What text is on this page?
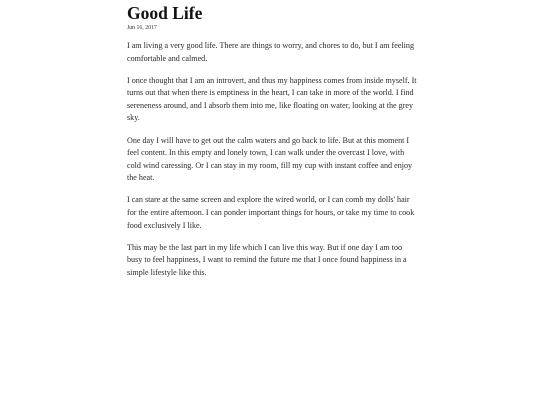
Good Life
Jun 16, 2017

I am living a very good life. There are things to worry, and chores to do, but I am feeling comfortable and calmed.

I once thought that I am an introvert, and thus my happiness comes from inside myself. It turns out that when there is emptiness in the heart, I can take in more of the world. I find sereneness around, and I absorb them into me, like floating on water, looking at the grey sky.

One day I will have to get out the calm waters and go back to life. But at this moment I feel content. In this empty and lonely town, I can walk under the overcast I love, with cold wind caressing. Or I can stay in my room, fill my cup with instant coffee and enjoy the heat.

I can stare at the same screen and explore the wired world, or I can comb my dolls' hair for the entire afternoon. I can ponder important things for hours, or take my time to cook food exclusively I like.

This may be the last part in my life which I can live this way. But if one day I am too busy to feel happiness, I want to remind the future me that I once found happiness in a simple lifestyle like this.
